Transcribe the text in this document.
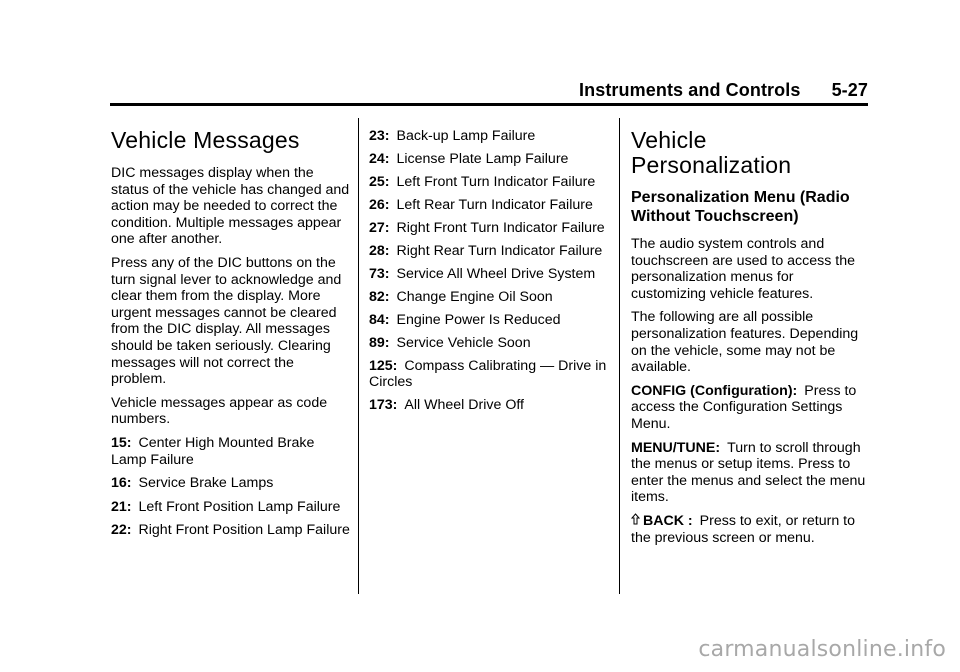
Instruments and Controls 5-27
Vehicle Messages

DIC messages display when the status of the vehicle has changed and action may be needed to correct the condition. Multiple messages appear one after another.

Press any of the DIC buttons on the turn signal lever to acknowledge and clear them from the display. More urgent messages cannot be cleared from the DIC display. All messages should be taken seriously. Clearing messages will not correct the problem.

Vehicle messages appear as code numbers.

15: Center High Mounted Brake Lamp Failure

16: Service Brake Lamps

21: Left Front Position Lamp Failure

22: Right Front Position Lamp Failure

23: Back-up Lamp Failure

24: License Plate Lamp Failure

25: Left Front Turn Indicator Failure

26: Left Rear Turn Indicator Failure

27: Right Front Turn Indicator Failure

28: Right Rear Turn Indicator Failure

73: Service All Wheel Drive System

82: Change Engine Oil Soon

84: Engine Power Is Reduced

89: Service Vehicle Soon

125: Compass Calibrating — Drive in Circles

173: All Wheel Drive Off

Vehicle
Personalization
Personalization Menu (Radio Without Touchscreen)

The audio system controls and touchscreen are used to access the personalization menus for customizing vehicle features.

The following are all possible personalization features. Depending on the vehicle, some may not be available.

CONFIG (Configuration): Press to access the Configuration Settings Menu.

MENU/TUNE: Turn to scroll through the menus or setup items. Press to enter the menus and select the menu items.

BACK : Press to exit, or return to the previous screen or menu.

carmanualsonline.info
